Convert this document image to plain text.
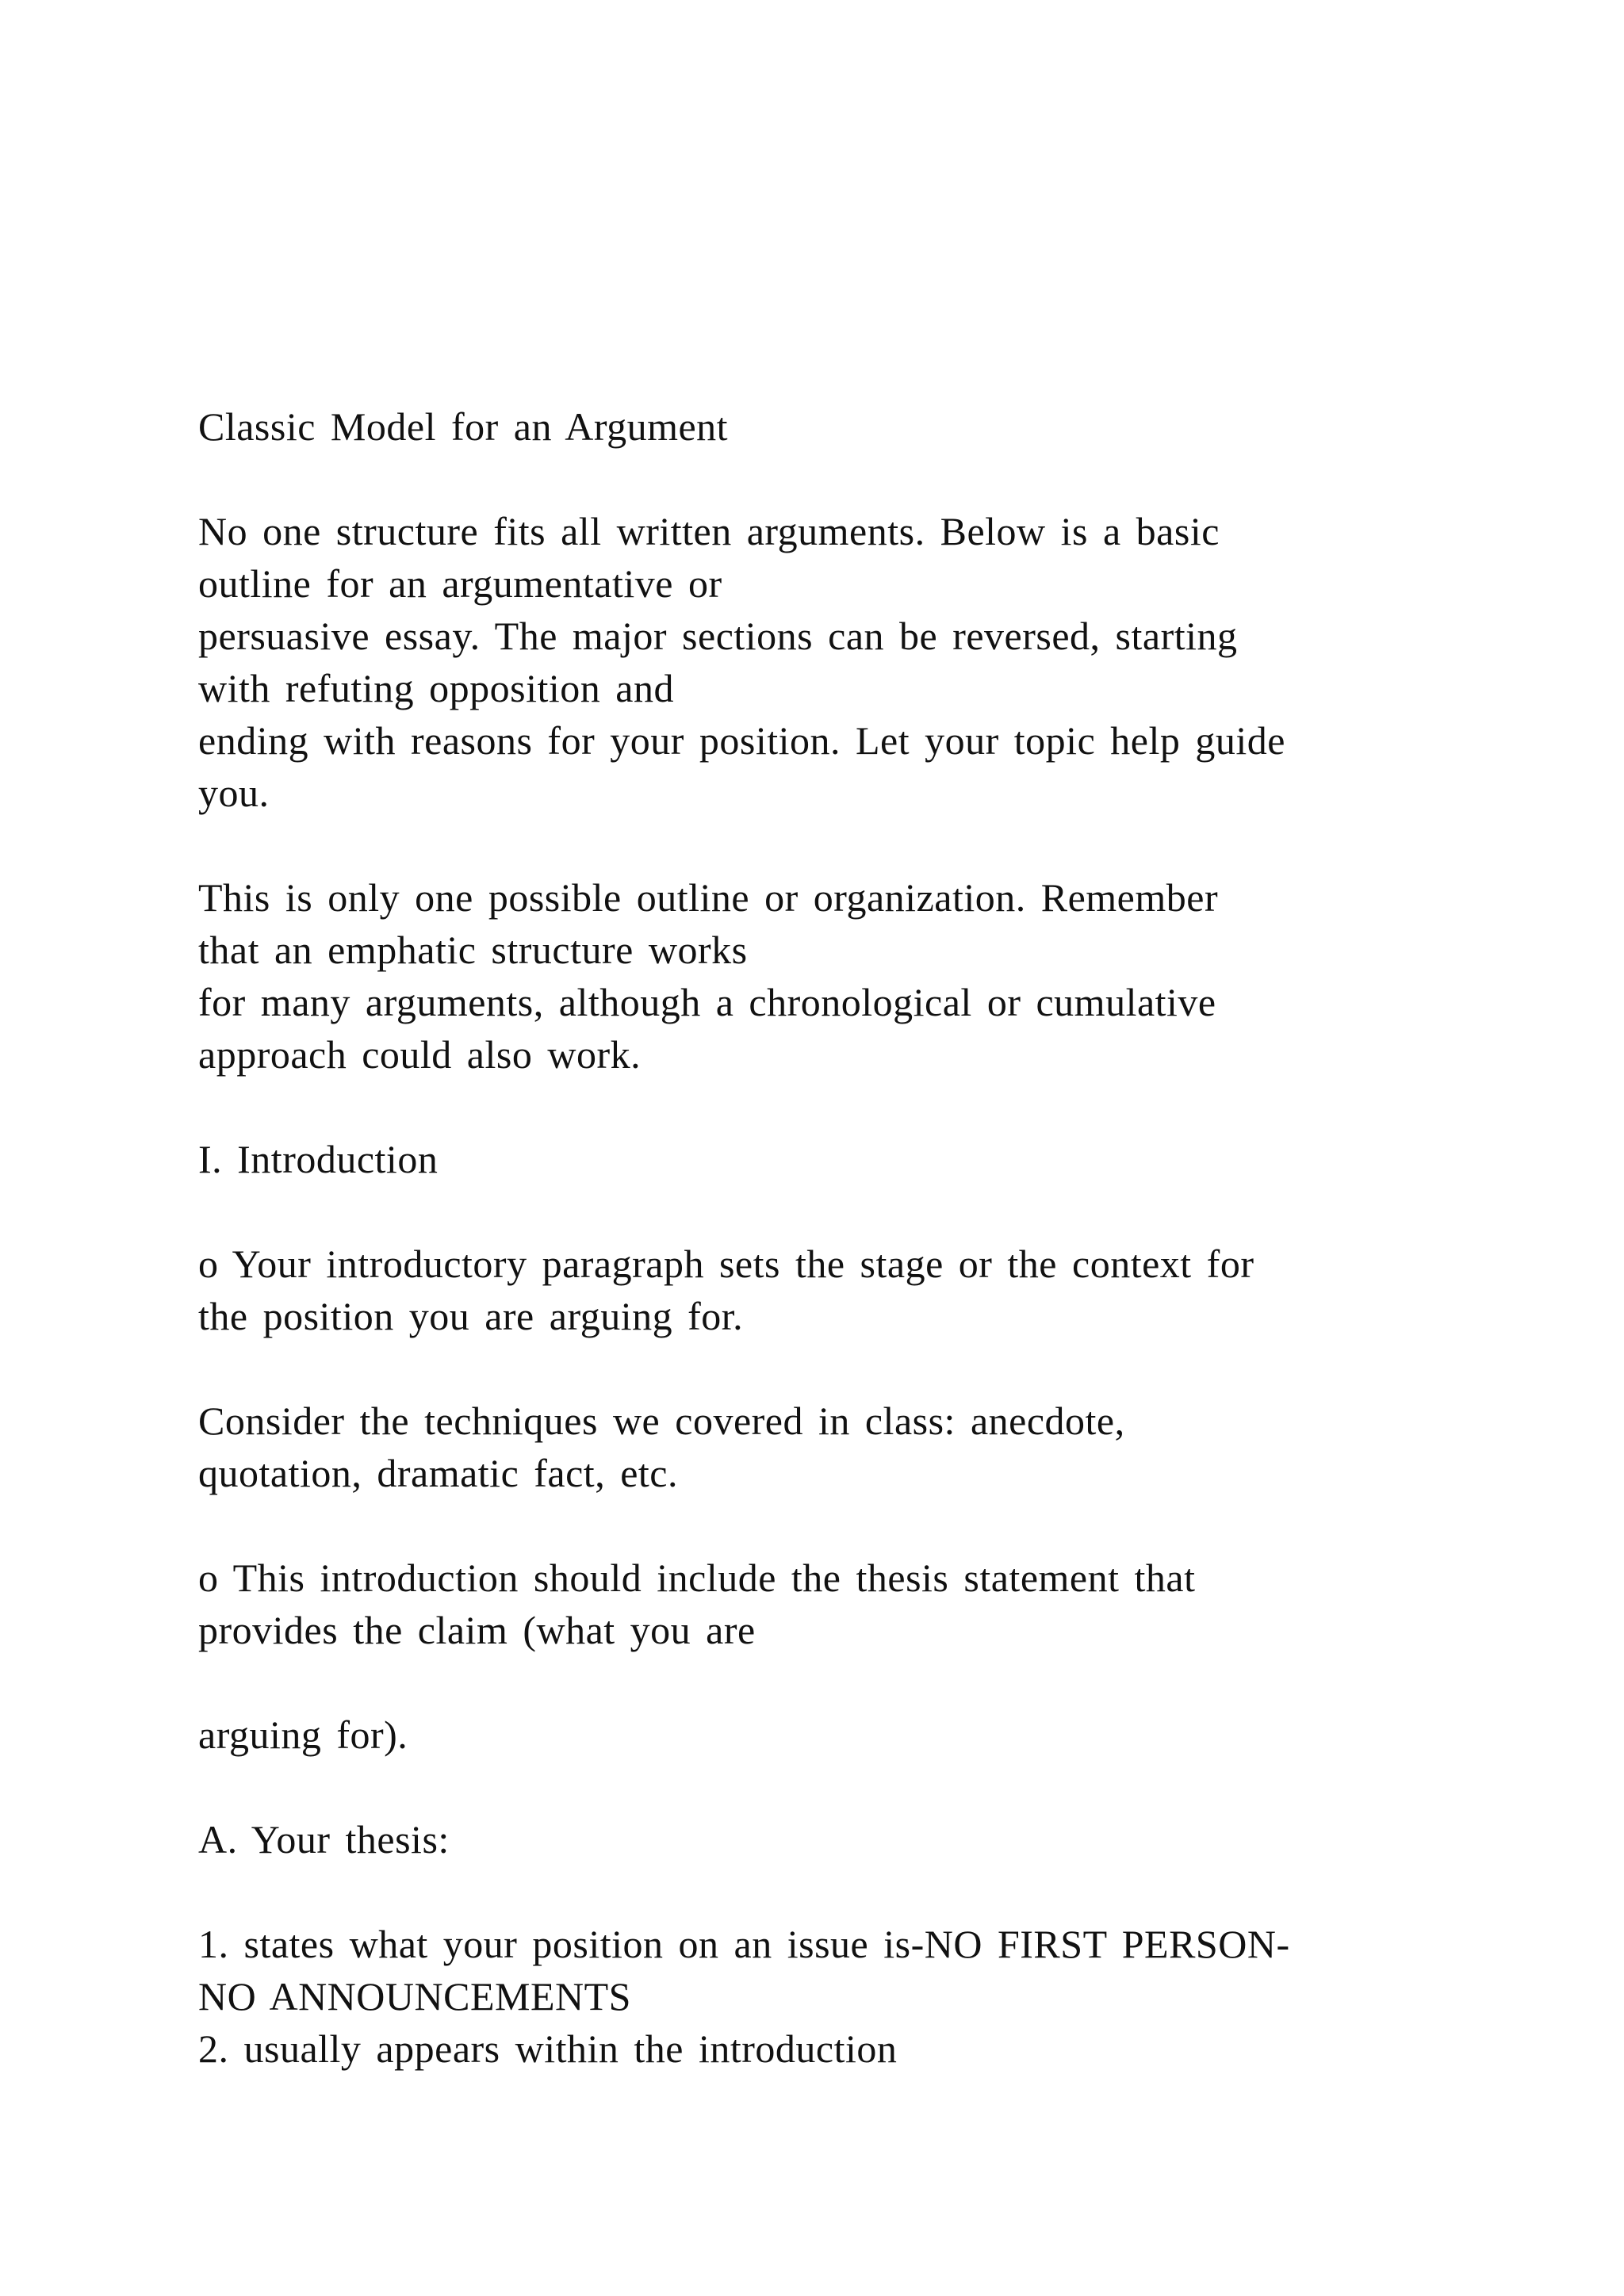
Classic Model for an Argument
No one structure fits all written arguments. Below is a basic
outline for an argumentative or
persuasive essay. The major sections can be reversed, starting
with refuting opposition and
ending with reasons for your position. Let your topic help guide
you.
This is only one possible outline or organization. Remember
that an emphatic structure works
for many arguments, although a chronological or cumulative
approach could also work.
I. Introduction
o Your introductory paragraph sets the stage or the context for
the position you are arguing for.
Consider the techniques we covered in class: anecdote,
quotation, dramatic fact, etc.
o This introduction should include the thesis statement that
provides the claim (what you are
arguing for).
A. Your thesis:
1. states what your position on an issue is-NO FIRST PERSON-
NO ANNOUNCEMENTS
2. usually appears within the introduction
